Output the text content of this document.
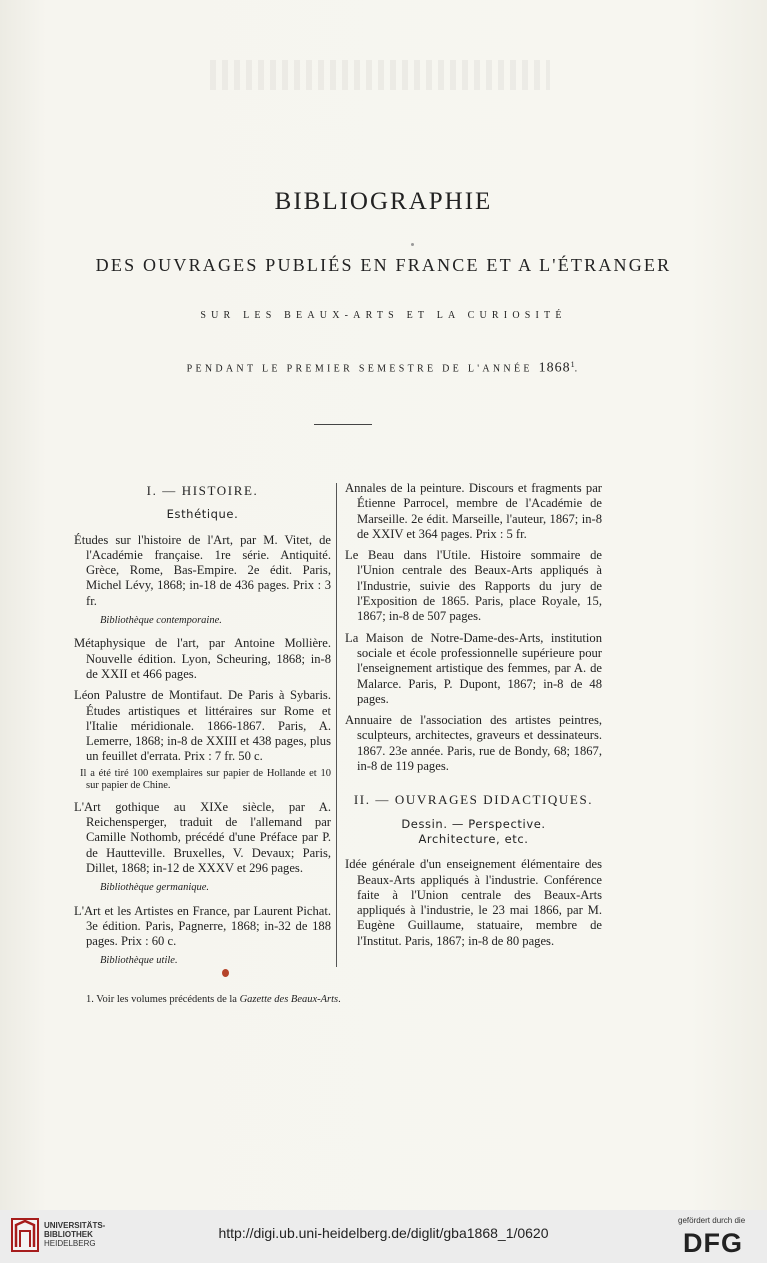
BIBLIOGRAPHIE
DES OUVRAGES PUBLIÉS EN FRANCE ET A L'ÉTRANGER
SUR LES BEAUX-ARTS ET LA CURIOSITÉ
PENDANT LE PREMIER SEMESTRE DE L'ANNÉE 1868$^1$.

I. — HISTOIRE.

Esthétique.

Études sur l'histoire de l'Art, par M. Vitet, de l'Académie française. 1re série. Antiquité. Grèce, Rome, Bas-Empire. 2e édit. Paris, Michel Lévy, 1868; in-18 de 436 pages. Prix : 3 fr.

Bibliothèque contemporaine.

Métaphysique de l'art, par Antoine Mollière. Nouvelle édition. Lyon, Scheuring, 1868; in-8 de XXII et 466 pages.

Léon Palustre de Montifaut. De Paris à Sybaris. Études artistiques et littéraires sur Rome et l'Italie méridionale. 1866-1867. Paris, A. Lemerre, 1868; in-8 de XXIII et 438 pages, plus un feuillet d'errata. Prix : 7 fr. 50 c.

Il a été tiré 100 exemplaires sur papier de Hollande et 10 sur papier de Chine.

L'Art gothique au XIXe siècle, par A. Reichensperger, traduit de l'allemand par Camille Nothomb, précédé d'une Préface par P. de Hautteville. Bruxelles, V. Devaux; Paris, Dillet, 1868; in-12 de XXXV et 296 pages.

Bibliothèque germanique.

L'Art et les Artistes en France, par Laurent Pichat. 3e édition. Paris, Pagnerre, 1868; in-32 de 188 pages. Prix : 60 c.

Bibliothèque utile.

Annales de la peinture. Discours et fragments par Étienne Parrocel, membre de l'Académie de Marseille. 2e édit. Marseille, l'auteur, 1867; in-8 de XXIV et 364 pages. Prix : 5 fr.

Le Beau dans l'Utile. Histoire sommaire de l'Union centrale des Beaux-Arts appliqués à l'Industrie, suivie des Rapports du jury de l'Exposition de 1865. Paris, place Royale, 15, 1867; in-8 de 507 pages.

La Maison de Notre-Dame-des-Arts, institution sociale et école professionnelle supérieure pour l'enseignement artistique des femmes, par A. de Malarce. Paris, P. Dupont, 1867; in-8 de 48 pages.

Annuaire de l'association des artistes peintres, sculpteurs, architectes, graveurs et dessinateurs. 1867. 23e année. Paris, rue de Bondy, 68; 1867, in-8 de 119 pages.

II. — OUVRAGES DIDACTIQUES.

Dessin. — Perspective.

Architecture, etc.

Idée générale d'un enseignement élémentaire des Beaux-Arts appliqués à l'industrie. Conférence faite à l'Union centrale des Beaux-Arts appliqués à l'industrie, le 23 mai 1866, par M. Eugène Guillaume, statuaire, membre de l'Institut. Paris, 1867; in-8 de 80 pages.

1. Voir les volumes précédents de la Gazette des Beaux-Arts.
UNIVERSITÄTS-
BIBLIOTHEK
HEIDELBERG
http://digi.ub.uni-heidelberg.de/diglit/gba1868_1/0620
gefördert durch die
DFG
